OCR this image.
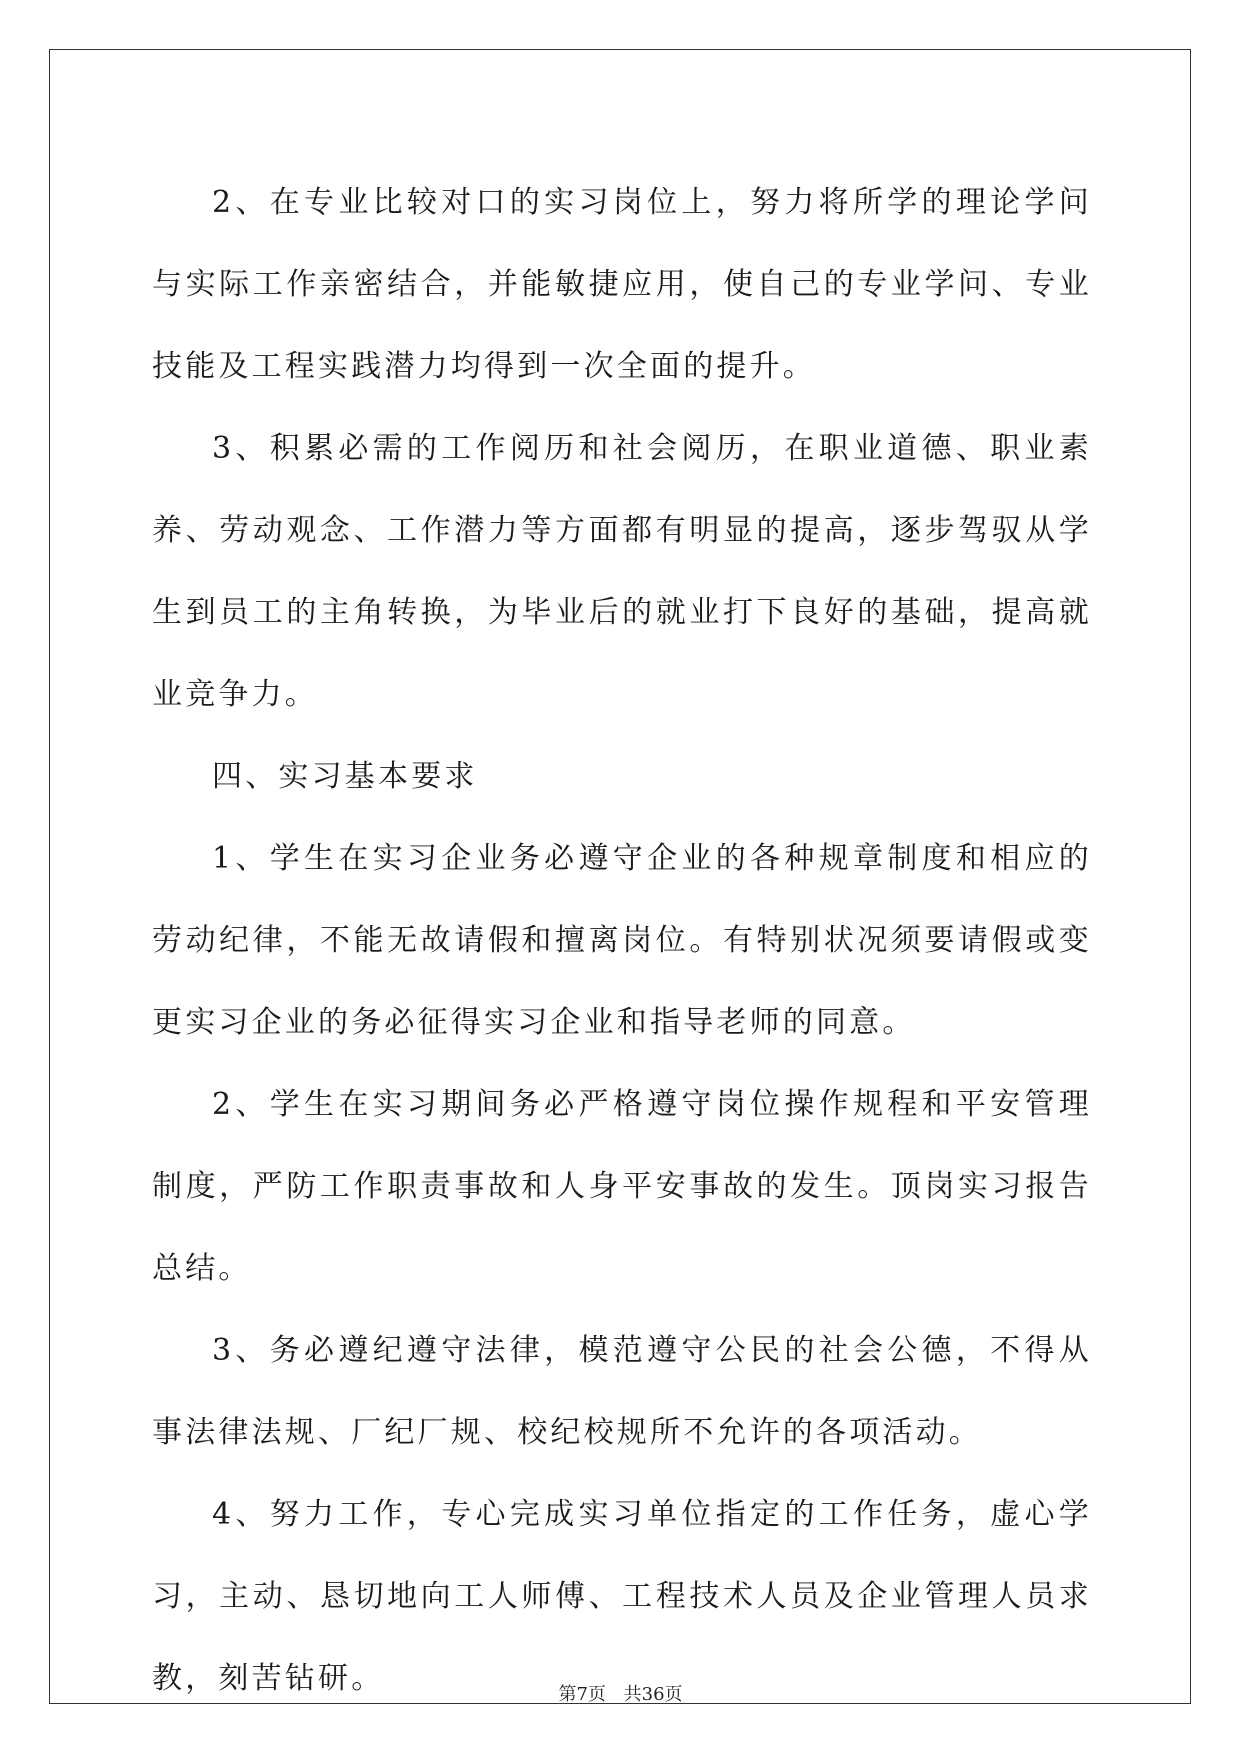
2、在专业比较对口的实习岗位上，努力将所学的理论学问与实际工作亲密结合，并能敏捷应用，使自己的专业学问、专业技能及工程实践潜力均得到一次全面的提升。

3、积累必需的工作阅历和社会阅历，在职业道德、职业素养、劳动观念、工作潜力等方面都有明显的提高，逐步驾驭从学生到员工的主角转换，为毕业后的就业打下良好的基础，提高就业竞争力。

四、实习基本要求

1、学生在实习企业务必遵守企业的各种规章制度和相应的劳动纪律，不能无故请假和擅离岗位。有特别状况须要请假或变更实习企业的务必征得实习企业和指导老师的同意。

2、学生在实习期间务必严格遵守岗位操作规程和平安管理制度，严防工作职责事故和人身平安事故的发生。顶岗实习报告总结。

3、务必遵纪遵守法律，模范遵守公民的社会公德，不得从事法律法规、厂纪厂规、校纪校规所不允许的各项活动。

4、努力工作，专心完成实习单位指定的工作任务，虚心学习，主动、恳切地向工人师傅、工程技术人员及企业管理人员求教，刻苦钻研。	第7页 共36页
